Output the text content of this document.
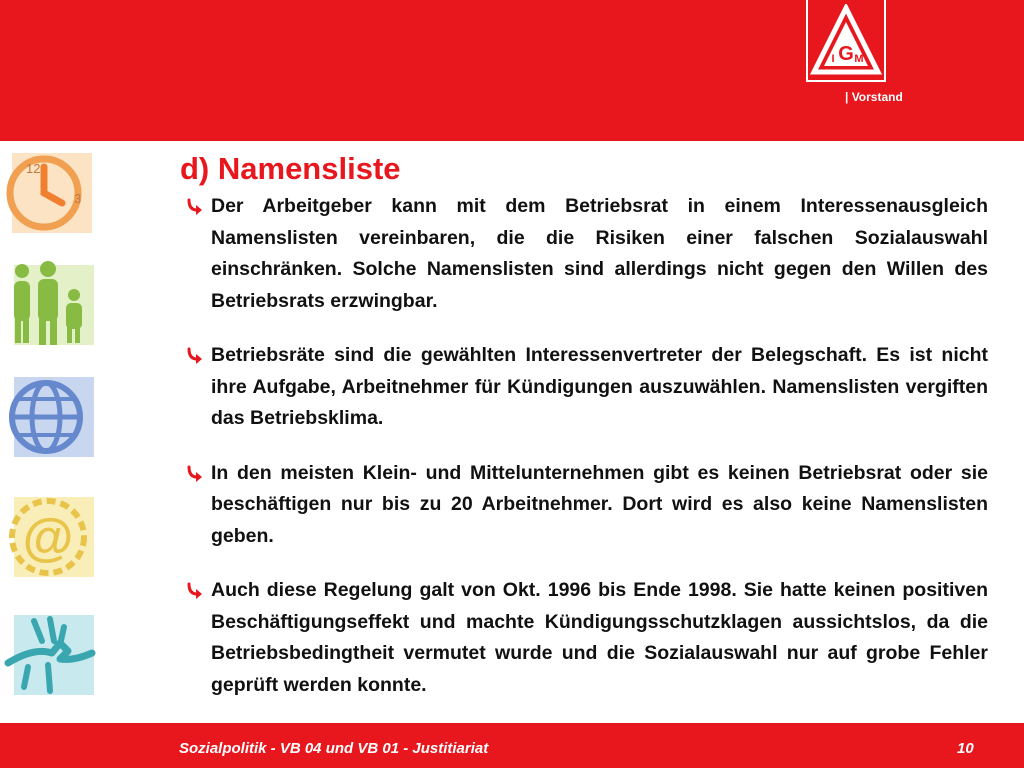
G
I M
| Vorstand
12
3
@
d) Namensliste

Der Arbeitgeber kann mit dem Betriebsrat in einem Interessenausgleich Namenslisten vereinbaren, die die Risiken einer falschen Sozialauswahl einschränken. Solche Namenslisten sind allerdings nicht gegen den Willen des Betriebsrats erzwingbar.

Betriebsräte sind die gewählten Interessenvertreter der Belegschaft. Es ist nicht ihre Aufgabe, Arbeitnehmer für Kündigungen auszuwählen. Namenslisten vergiften das Betriebsklima.

In den meisten Klein- und Mittelunternehmen gibt es keinen Betriebsrat oder sie beschäftigen nur bis zu 20 Arbeitnehmer. Dort wird es also keine Namenslisten geben.

Auch diese Regelung galt von Okt. 1996 bis Ende 1998. Sie hatte keinen positiven Beschäftigungseffekt und machte Kündigungsschutzklagen aussichtslos, da die Betriebsbedingtheit vermutet wurde und die Sozialauswahl nur auf grobe Fehler geprüft werden konnte.

Sozialpolitik - VB 04 und VB 01 - Justitiariat	10
